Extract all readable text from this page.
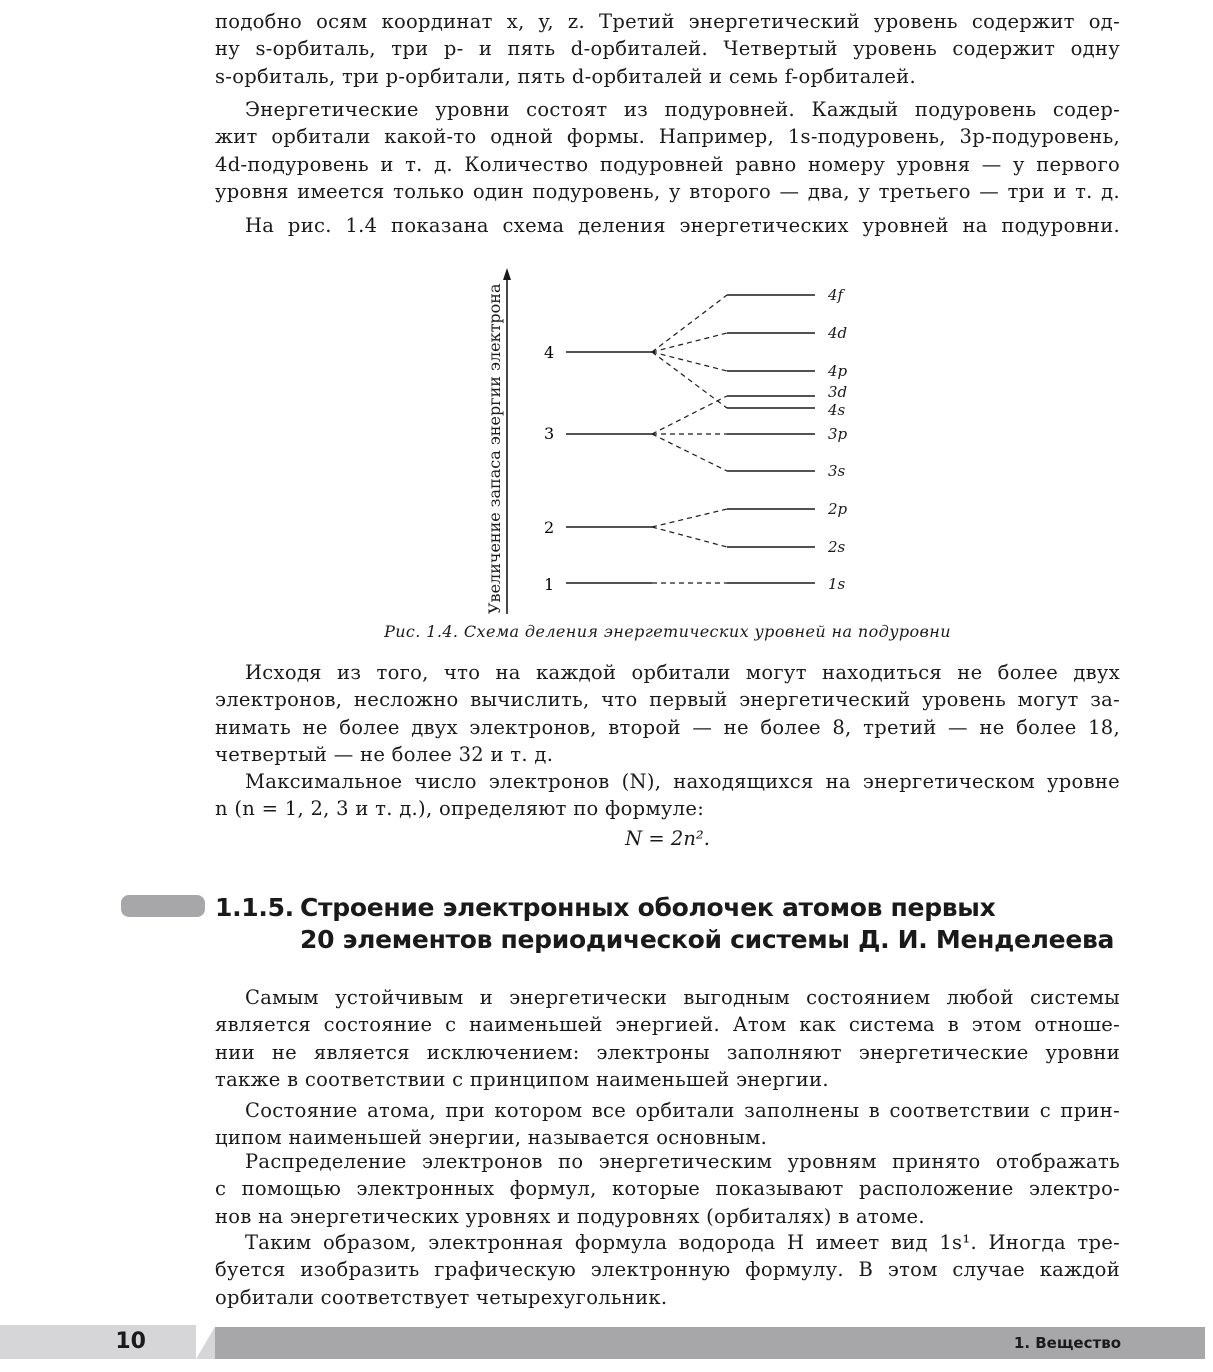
подобно осям координат x, y, z. Третий энергетический уровень содержит од-
ну s-орбиталь, три p- и пять d-орбиталей. Четвертый уровень содержит одну
s-орбиталь, три p-орбитали, пять d-орбиталей и семь f-орбиталей.
Энергетические уровни состоят из подуровней. Каждый подуровень содер-
жит орбитали какой-то одной формы. Например, 1s-подуровень, 3p-подуровень,
4d-подуровень и т. д. Количество подуровней равно номеру уровня — у первого
уровня имеется только один подуровень, у второго — два, у третьего — три и т. д.
На рис. 1.4 показана схема деления энергетических уровней на подуровни.
Увеличение запаса энергии электрона	4
3
2
1
4f
4d
4p
3d
4s
3p
3s
2p
2s
1s
Рис. 1.4. Схема деления энергетических уровней на подуровни
Исходя из того, что на каждой орбитали могут находиться не более двух
электронов, несложно вычислить, что первый энергетический уровень могут за-
нимать не более двух электронов, второй — не более 8, третий — не более 18,
четвертый — не более 32 и т. д.
Максимальное число электронов (N), находящихся на энергетическом уровне
n (n = 1, 2, 3 и т. д.), определяют по формуле:
N = 2n².
1.1.5. Строение электронных оболочек атомов первых
20 элементов периодической системы Д. И. Менделеева
Самым устойчивым и энергетически выгодным состоянием любой системы
является состояние с наименьшей энергией. Атом как система в этом отноше-
нии не является исключением: электроны заполняют энергетические уровни
также в соответствии с принципом наименьшей энергии.
Состояние атома, при котором все орбитали заполнены в соответствии с прин-
ципом наименьшей энергии, называется основным.
Распределение электронов по энергетическим уровням принято отображать
с помощью электронных формул, которые показывают расположение электро-
нов на энергетических уровнях и подуровнях (орбиталях) в атоме.
Таким образом, электронная формула водорода H имеет вид 1s¹. Иногда тре-
буется изобразить графическую электронную формулу. В этом случае каждой
орбитали соответствует четырехугольник.
10	1. Вещество
